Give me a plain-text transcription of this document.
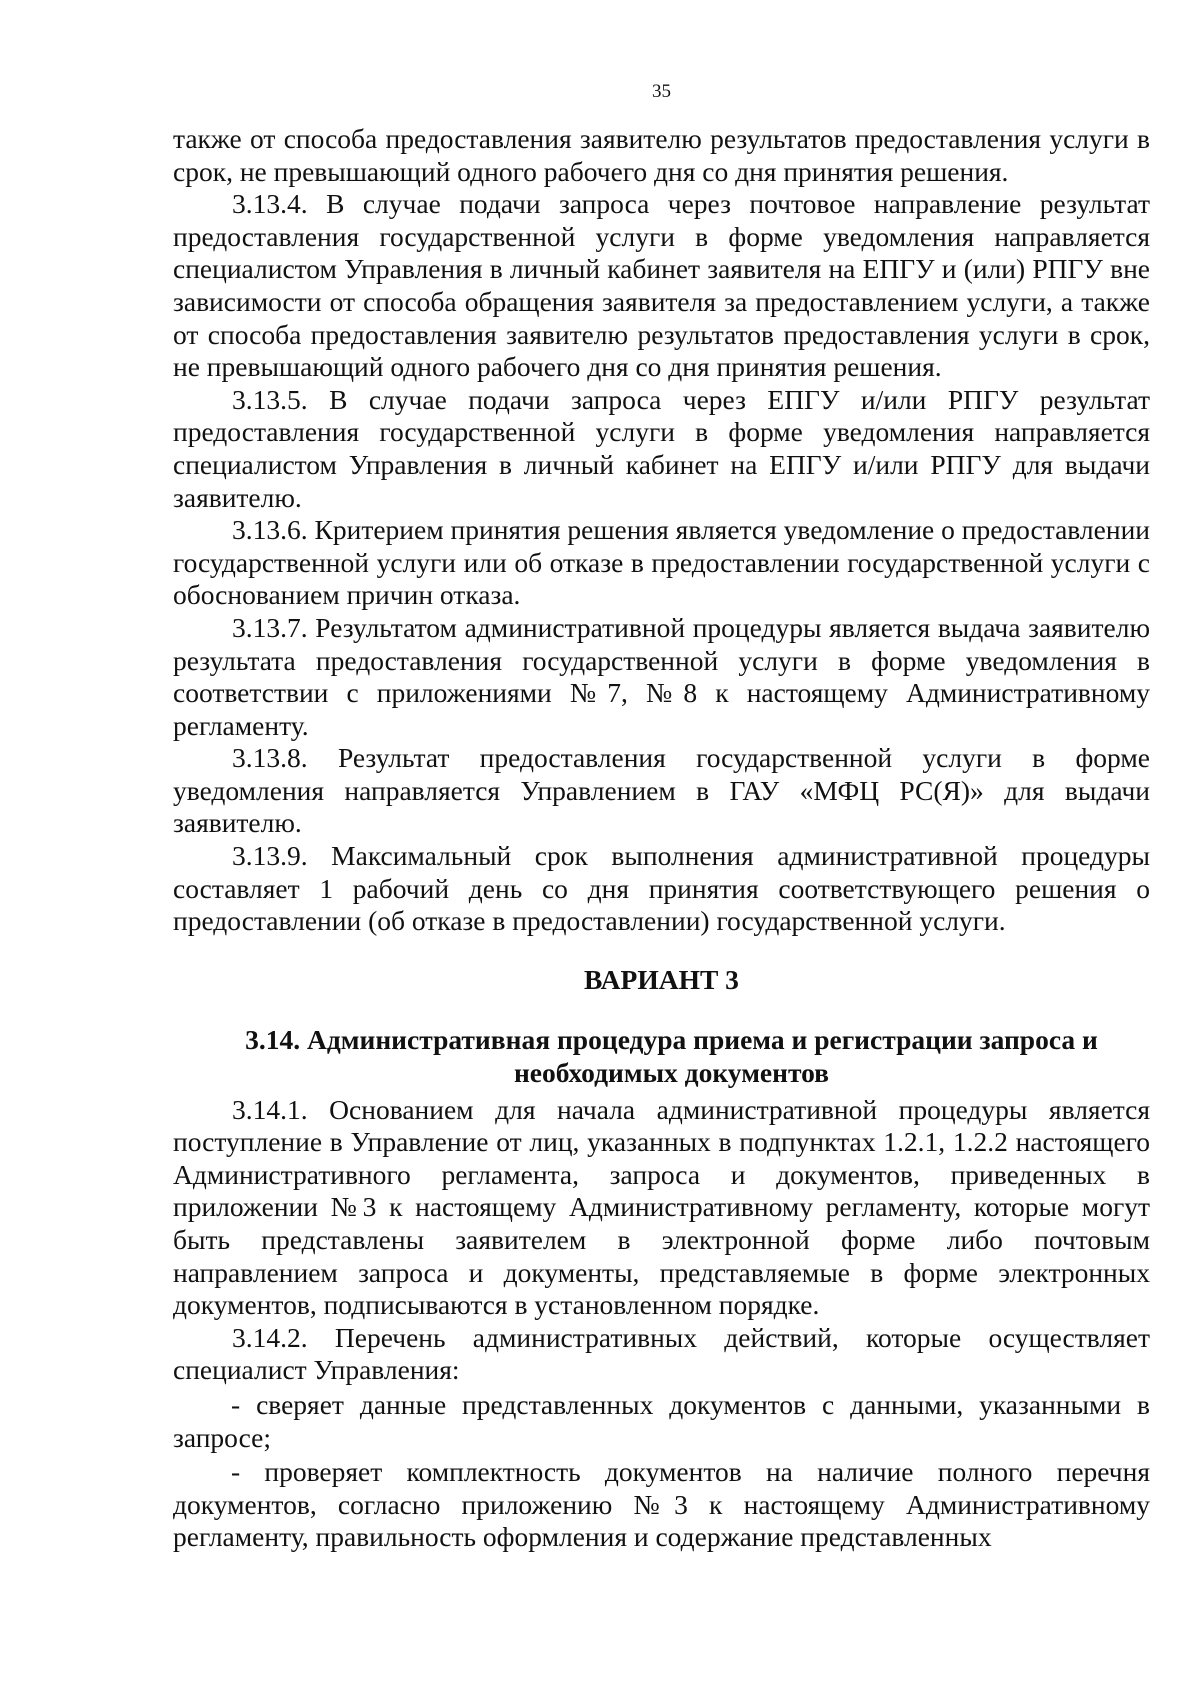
35

также от способа предоставления заявителю результатов предоставления услуги в срок, не превышающий одного рабочего дня со дня принятия решения.

3.13.4. В случае подачи запроса через почтовое направление результат предоставления государственной услуги в форме уведомления направляется специалистом Управления в личный кабинет заявителя на ЕПГУ и (или) РПГУ вне зависимости от способа обращения заявителя за предоставлением услуги, а также от способа предоставления заявителю результатов предоставления услуги в срок, не превышающий одного рабочего дня со дня принятия решения.

3.13.5. В случае подачи запроса через ЕПГУ и/или РПГУ результат предоставления государственной услуги в форме уведомления направляется специалистом Управления в личный кабинет на ЕПГУ и/или РПГУ для выдачи заявителю.

3.13.6. Критерием принятия решения является уведомление о предоставлении государственной услуги или об отказе в предоставлении государственной услуги с обоснованием причин отказа.

3.13.7. Результатом административной процедуры является выдача заявителю результата предоставления государственной услуги в форме уведомления в соответствии с приложениями №7, №8 к настоящему Административному регламенту.

3.13.8. Результат предоставления государственной услуги в форме уведомления направляется Управлением в ГАУ «МФЦ РС(Я)» для выдачи заявителю.

3.13.9. Максимальный срок выполнения административной процедуры составляет 1 рабочий день со дня принятия соответствующего решения о предоставлении (об отказе в предоставлении) государственной услуги.

ВАРИАНТ 3

3.14. Административная процедура приема и регистрации запроса и необходимых документов

3.14.1. Основанием для начала административной процедуры является поступление в Управление от лиц, указанных в подпунктах 1.2.1, 1.2.2 настоящего Административного регламента, запроса и документов, приведенных в приложении №3 к настоящему Административному регламенту, которые могут быть представлены заявителем в электронной форме либо почтовым направлением запроса и документы, представляемые в форме электронных документов, подписываются в установленном порядке.

3.14.2. Перечень административных действий, которые осуществляет специалист Управления:

- сверяет данные представленных документов с данными, указанными в запросе;

- проверяет комплектность документов на наличие полного перечня документов, согласно приложению №3 к настоящему Административному регламенту, правильность оформления и содержание представленных
